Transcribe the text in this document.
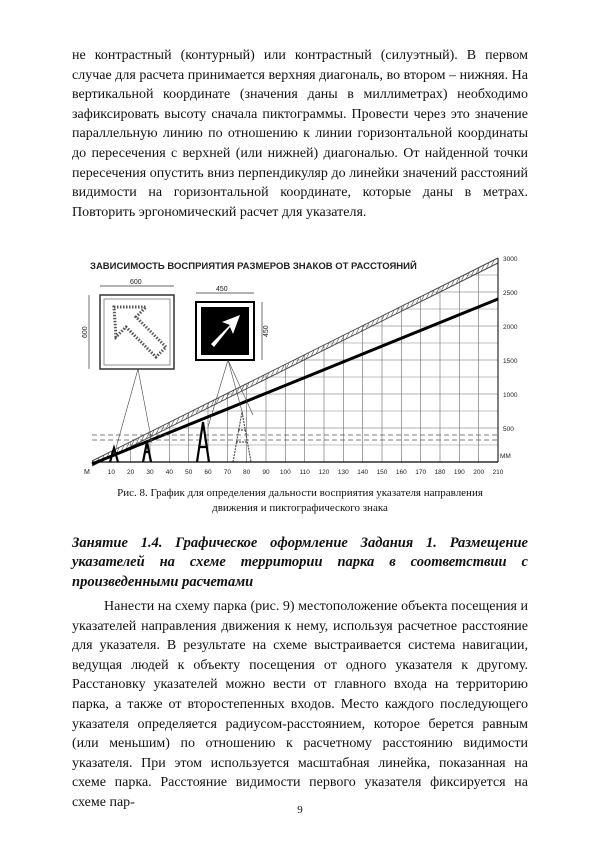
не контрастный (контурный) или контрастный (силуэтный). В первом случае для расчета принимается верхняя диагональ, во втором – нижняя. На вертикальной координате (значения даны в миллиметрах) необходимо зафиксировать высоту сначала пиктограммы. Провести через это значение параллельную линию по отношению к линии горизонтальной координаты до пересечения с верхней (или нижней) диагональю. От найденной точки пересечения опустить вниз перпендикуляр до линейки значений расстояний видимости на горизонтальной координате, которые даны в метрах. Повторить эргономический расчет для указателя.

ЗАВИСИМОСТЬ ВОСПРИЯТИЯ РАЗМЕРОВ ЗНАКОВ ОТ РАССТОЯНИЙ
600
600
450
450
М
ММ
10 20 30 40 50 60 70 80 90 100 110 120 130 140 150 160 170 180 190 200 210
500
1000
1500
2000
2500
3000
Рис. 8. График для определения дальности восприятия указателя направления
движения и пиктографического знака

Занятие 1.4. Графическое оформление Задания 1. Размещение указателей на схеме территории парка в соответствии с произведенными расчетами

Нанести на схему парка (рис. 9) местоположение объекта посещения и указателей направления движения к нему, используя расчетное расстояние для указателя. В результате на схеме выстраивается система навигации, ведущая людей к объекту посещения от одного указателя к другому. Расстановку указателей можно вести от главного входа на территорию парка, а также от второстепенных входов. Место каждого последующего указателя определяется радиусом-расстоянием, которое берется равным (или меньшим) по отношению к расчетному расстоянию видимости указателя. При этом используется масштабная линейка, показанная на схеме парка. Расстояние видимости первого указателя фиксируется на схеме пар-

9
